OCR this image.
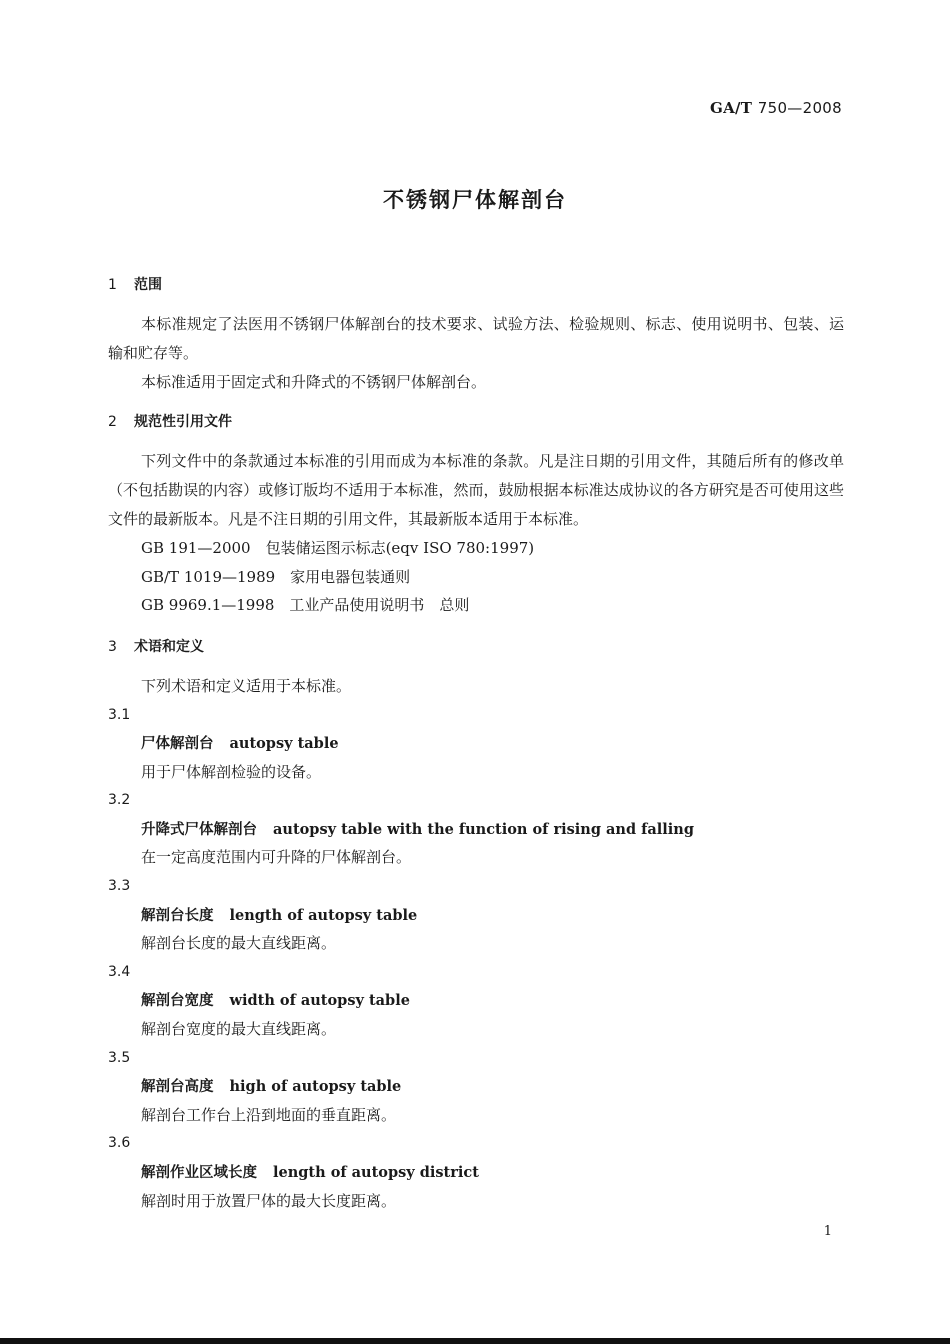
GA/T 750—2008
不锈钢尸体解剖台
1 范围

本标准规定了法医用不锈钢尸体解剖台的技术要求、试验方法、检验规则、标志、使用说明书、包装、运输和贮存等。

本标准适用于固定式和升降式的不锈钢尸体解剖台。

2 规范性引用文件

下列文件中的条款通过本标准的引用而成为本标准的条款。凡是注日期的引用文件，其随后所有的修改单（不包括勘误的内容）或修订版均不适用于本标准，然而，鼓励根据本标准达成协议的各方研究是否可使用这些文件的最新版本。凡是不注日期的引用文件，其最新版本适用于本标准。

GB 191—2000　包装储运图示标志(eqv ISO 780:1997)
GB/T 1019—1989　家用电器包装通则
GB 9969.1—1998　工业产品使用说明书　总则
3 术语和定义

下列术语和定义适用于本标准。

3.1
尸体解剖台 autopsy table
用于尸体解剖检验的设备。
3.2
升降式尸体解剖台 autopsy table with the function of rising and falling
在一定高度范围内可升降的尸体解剖台。
3.3
解剖台长度 length of autopsy table
解剖台长度的最大直线距离。
3.4
解剖台宽度 width of autopsy table
解剖台宽度的最大直线距离。
3.5
解剖台高度 high of autopsy table
解剖台工作台上沿到地面的垂直距离。
3.6
解剖作业区域长度 length of autopsy district
解剖时用于放置尸体的最大长度距离。
1
